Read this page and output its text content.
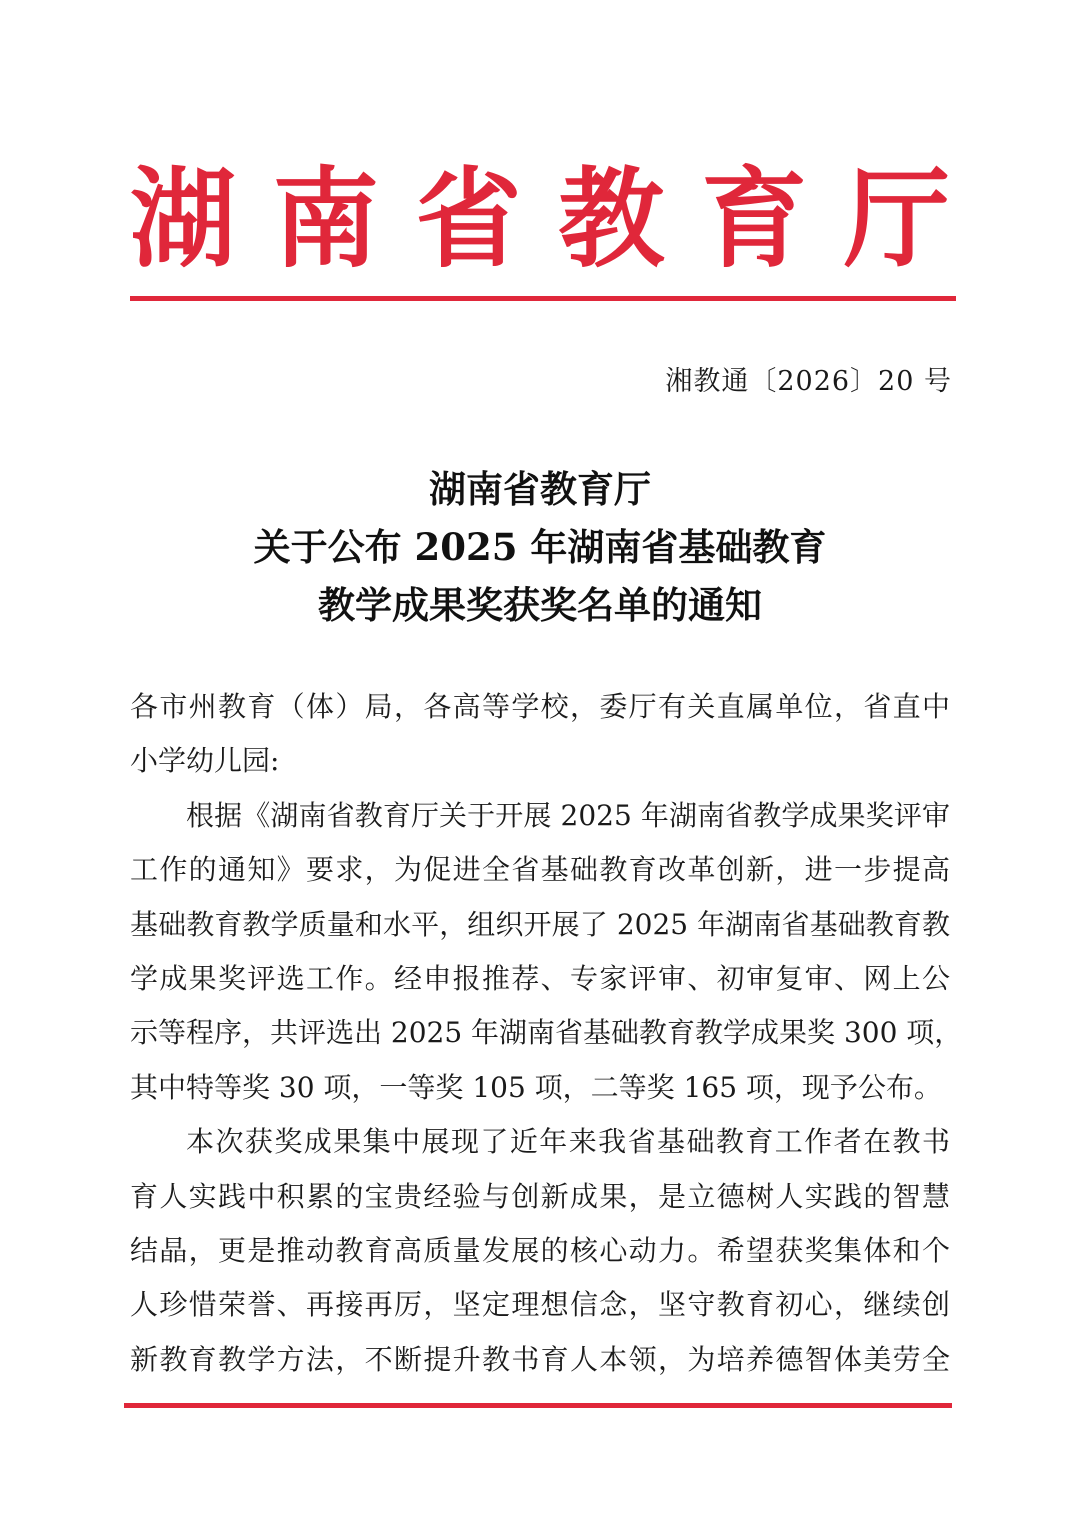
湖 南 省 教 育 厅
湘教通〔2026〕20 号
湖南省教育厅
关于公布 2025 年湖南省基础教育
教学成果奖获奖名单的通知
各市州教育（体）局，各高等学校，委厅有关直属单位，省直中
小学幼儿园:
根据《湖南省教育厅关于开展 2025 年湖南省教学成果奖评审
工作的通知》要求，为促进全省基础教育改革创新，进一步提高
基础教育教学质量和水平，组织开展了 2025 年湖南省基础教育教
学成果奖评选工作。经申报推荐、专家评审、初审复审、网上公
示等程序，共评选出 2025 年湖南省基础教育教学成果奖 300 项，
其中特等奖 30 项，一等奖 105 项，二等奖 165 项，现予公布。
本次获奖成果集中展现了近年来我省基础教育工作者在教书
育人实践中积累的宝贵经验与创新成果，是立德树人实践的智慧
结晶，更是推动教育高质量发展的核心动力。希望获奖集体和个
人珍惜荣誉、再接再厉，坚定理想信念，坚守教育初心，继续创
新教育教学方法，不断提升教书育人本领，为培养德智体美劳全
